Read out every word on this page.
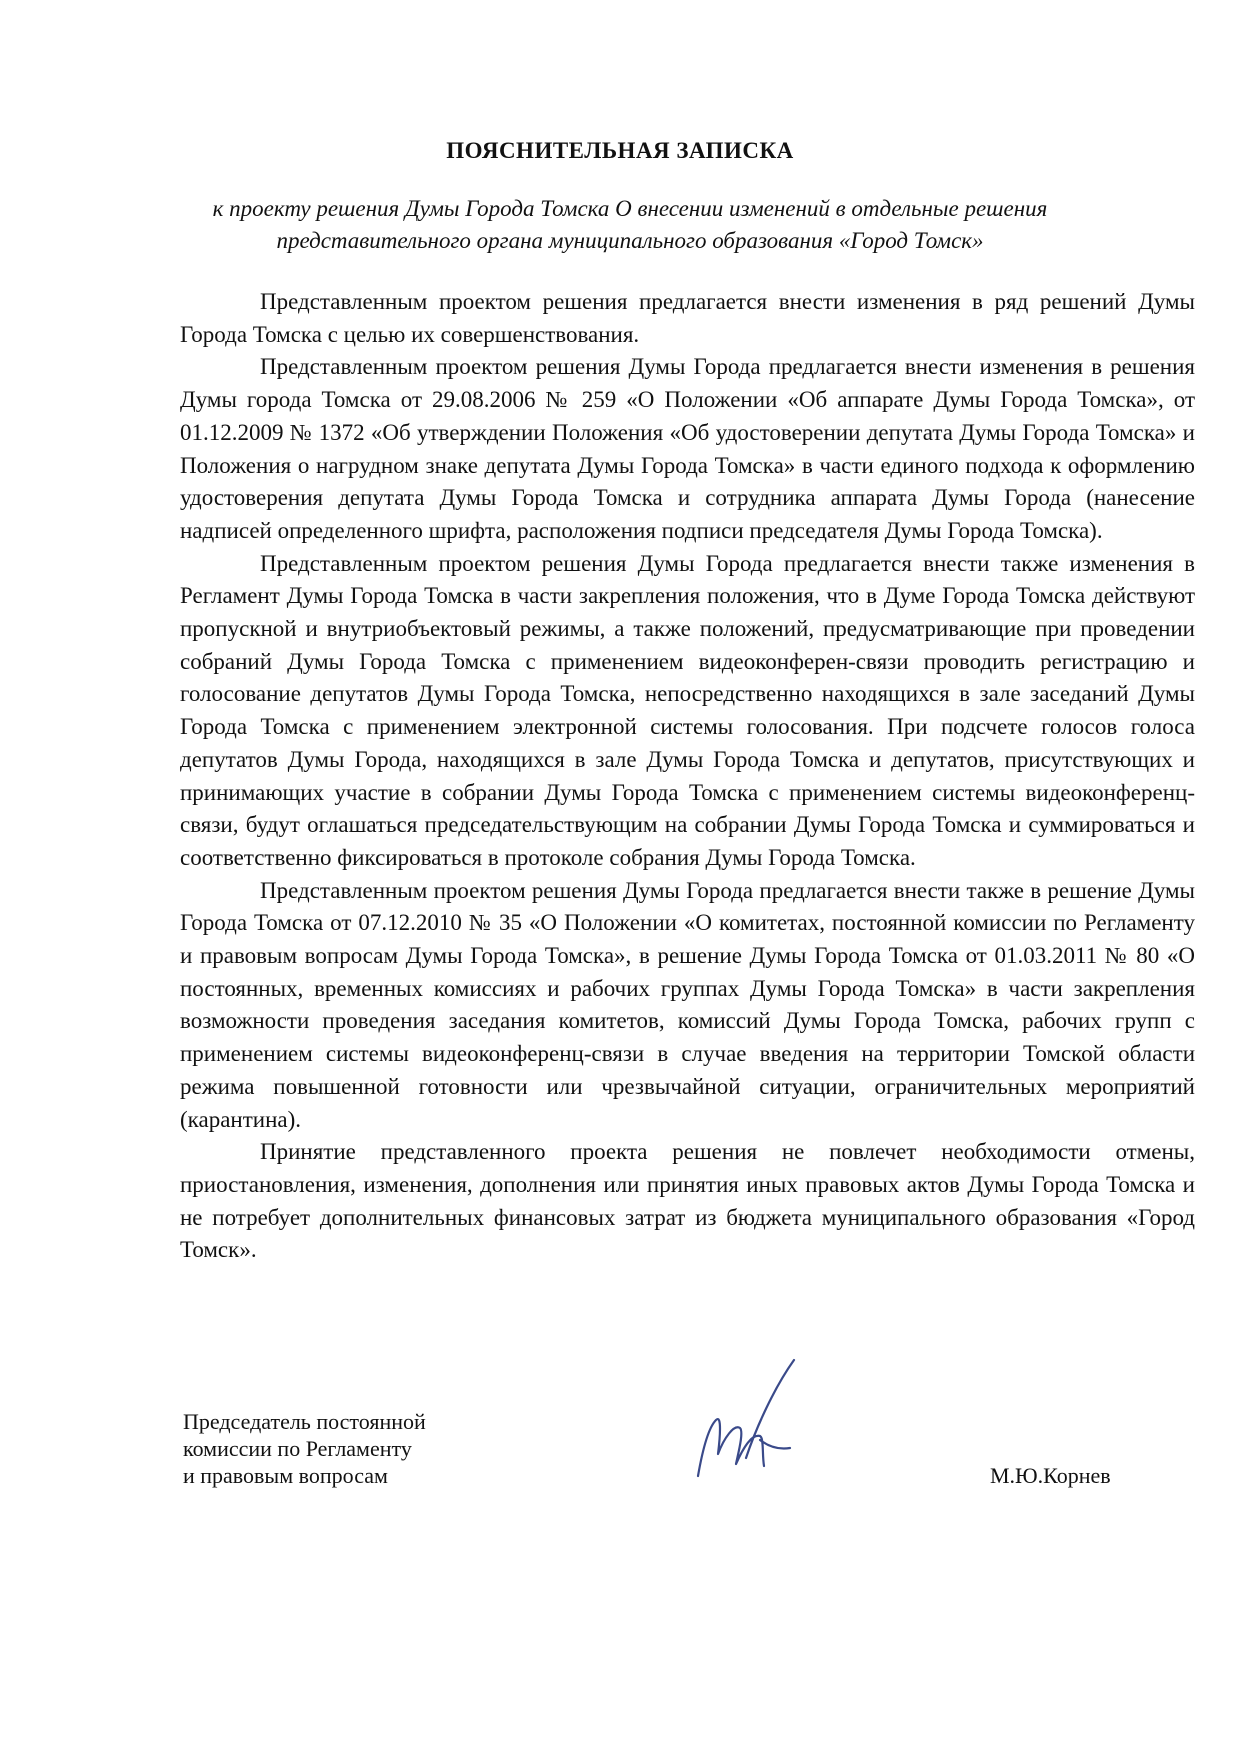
ПОЯСНИТЕЛЬНАЯ ЗАПИСКА
к проекту решения Думы Города Томска О внесении изменений в отдельные решения
представительного органа муниципального образования «Город Томск»

Представленным проектом решения предлагается внести изменения в ряд решений Думы Города Томска с целью их совершенствования.

Представленным проектом решения Думы Города предлагается внести изменения в решения Думы города Томска от 29.08.2006 № 259 «О Положении «Об аппарате Думы Города Томска», от 01.12.2009 № 1372 «Об утверждении Положения «Об удостоверении депутата Думы Города Томска» и Положения о нагрудном знаке депутата Думы Города Томска» в части единого подхода к оформлению удостоверения депутата Думы Города Томска и сотрудника аппарата Думы Города (нанесение надписей определенного шрифта, расположения подписи председателя Думы Города Томска).

Представленным проектом решения Думы Города предлагается внести также изменения в Регламент Думы Города Томска в части закрепления положения, что в Думе Города Томска действуют пропускной и внутриобъектовый режимы, а также положений, предусматривающие при проведении собраний Думы Города Томска с применением видеоконферен-связи проводить регистрацию и голосование депутатов Думы Города Томска, непосредственно находящихся в зале заседаний Думы Города Томска с применением электронной системы голосования. При подсчете голосов голоса депутатов Думы Города, находящихся в зале Думы Города Томска и депутатов, присутствующих и принимающих участие в собрании Думы Города Томска с применением системы видеоконференц-связи, будут оглашаться председательствующим на собрании Думы Города Томска и суммироваться и соответственно фиксироваться в протоколе собрания Думы Города Томска.

Представленным проектом решения Думы Города предлагается внести также в решение Думы Города Томска от 07.12.2010 № 35 «О Положении «О комитетах, постоянной комиссии по Регламенту и правовым вопросам Думы Города Томска», в решение Думы Города Томска от 01.03.2011 № 80 «О постоянных, временных комиссиях и рабочих группах Думы Города Томска» в части закрепления возможности проведения заседания комитетов, комиссий Думы Города Томска, рабочих групп с применением системы видеоконференц-связи в случае введения на территории Томской области режима повышенной готовности или чрезвычайной ситуации, ограничительных мероприятий (карантина).

Принятие представленного проекта решения не повлечет необходимости отмены, приостановления, изменения, дополнения или принятия иных правовых актов Думы Города Томска и не потребует дополнительных финансовых затрат из бюджета муниципального образования «Город Томск».

Председатель постоянной
комиссии по Регламенту
и правовым вопросам	М.Ю.Корнев
